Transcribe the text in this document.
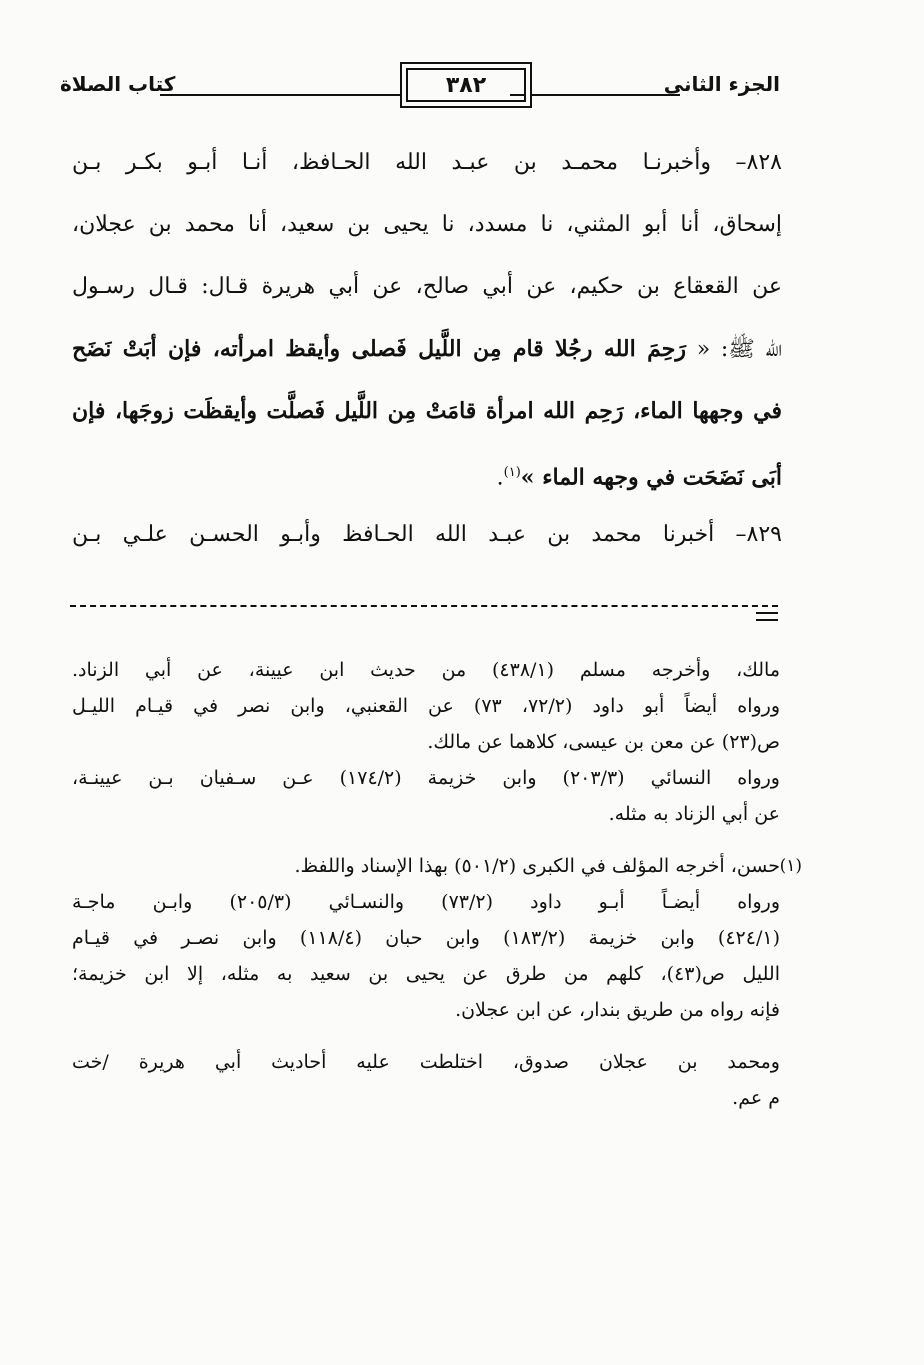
الجزء الثاني
٣٨٢
كتاب الصلاة
٨٢٨– وأخبرنـا محمـد بن عبـد الله الحـافظ، أنـا أبـو بكـر بـن
إسحاق، أنا أبو المثني، نا مسدد، نا يحيى بن سعيد، أنا محمد بن عجلان،
عن القعقاع بن حكيم، عن أبي صالح، عن أبي هريرة قـال: قـال رسـول
الله ﷺ: « رَحِمَ الله رجُلا قام مِن اللَّيل فَصلى وأيقظ امرأته، فإن أبَتْ نَضَح
في وجهها الماء، رَحِم الله امرأة قامَتْ مِن اللَّيل فَصلَّت وأيقظَت زوجَها، فإن
أبَى نَضَحَت في وجهه الماء »$^{(١)}$.
٨٢٩– أخبرنا محمد بن عبـد الله الحـافظ وأبـو الحسـن علـي بـن
مالك، وأخرجه مسلم (٤٣٨/١) من حديث ابن عيينة، عن أبي الزناد.
ورواه أيضاً أبو داود (٧٢/٢، ٧٣) عن القعنبي، وابن نصر في قيـام الليـل
ص(٢٣) عن معن بن عيسى، كلاهما عن مالك.
ورواه النسائي (٢٠٣/٣) وابن خزيمة (١٧٤/٢) عـن سـفيان بـن عيينـة،
عن أبي الزناد به مثله.
(١)
حسن، أخرجه المؤلف في الكبرى (٥٠١/٢) بهذا الإسناد واللفظ.
ورواه أيضـاً أبـو داود (٧٣/٢) والنسـائي (٢٠٥/٣) وابـن ماجـة
(٤٢٤/١) وابن خزيمة (١٨٣/٢) وابن حبان (١١٨/٤) وابن نصـر في قيـام
الليل ص(٤٣)، كلهم من طرق عن يحيى بن سعيد به مثله، إلا ابن خزيمة؛
فإنه رواه من طريق بندار، عن ابن عجلان.
ومحمد بن عجلان صدوق، اختلطت عليه أحاديث أبي هريرة /خت
م عم.
